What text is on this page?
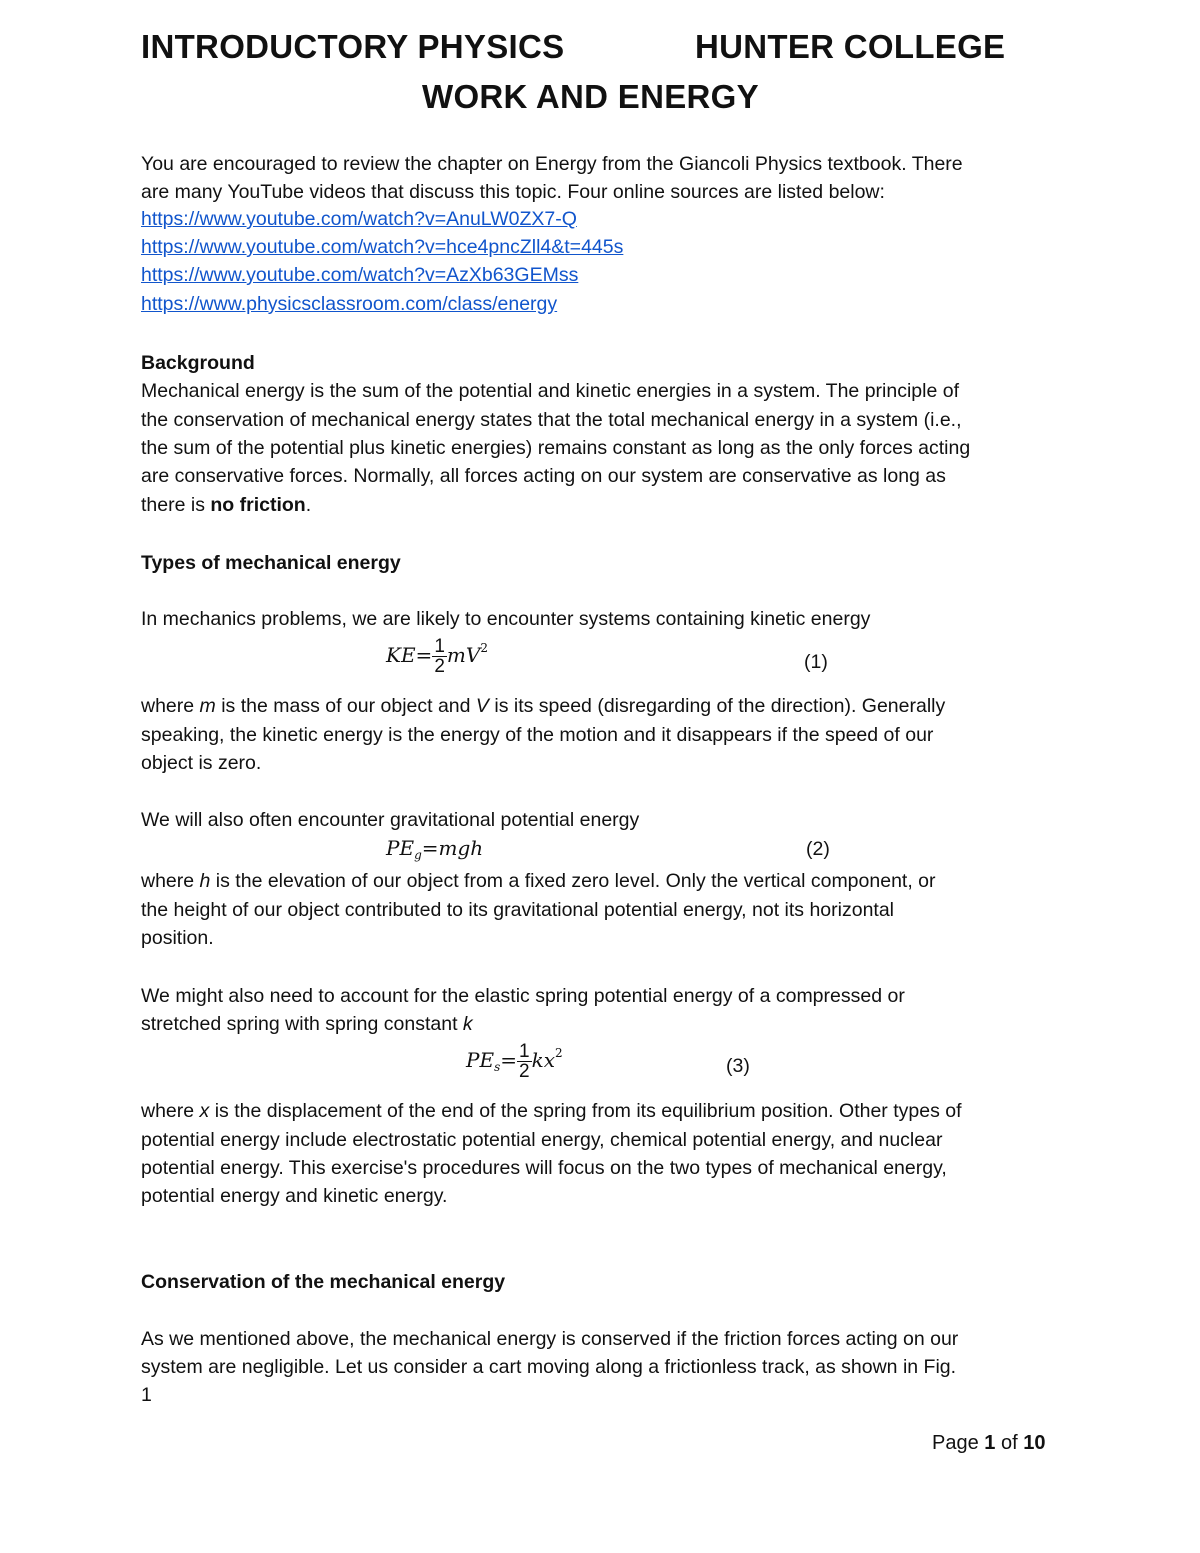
INTRODUCTORY PHYSICS	HUNTER COLLEGE
WORK AND ENERGY
You are encouraged to review the chapter on Energy from the Giancoli Physics textbook. There
are many YouTube videos that discuss this topic. Four online sources are listed below:
https://www.youtube.com/watch?v=AnuLW0ZX7-Q
https://www.youtube.com/watch?v=hce4pncZll4&t=445s
https://www.youtube.com/watch?v=AzXb63GEMss
https://www.physicsclassroom.com/class/energy
Background
Mechanical energy is the sum of the potential and kinetic energies in a system. The principle of
the conservation of mechanical energy states that the total mechanical energy in a system (i.e.,
the sum of the potential plus kinetic energies) remains constant as long as the only forces acting
are conservative forces. Normally, all forces acting on our system are conservative as long as
there is no friction.
Types of mechanical energy
In mechanics problems, we are likely to encounter systems containing kinetic energy
$KE= \frac{1}{2} mV^2$
(1)
where m is the mass of our object and V is its speed (disregarding of the direction). Generally
speaking, the kinetic energy is the energy of the motion and it disappears if the speed of our
object is zero.
We will also often encounter gravitational potential energy
$PE_g=mgh$	(2)
where h is the elevation of our object from a fixed zero level. Only the vertical component, or
the height of our object contributed to its gravitational potential energy, not its horizontal
position.
We might also need to account for the elastic spring potential energy of a compressed or
stretched spring with spring constant k
$PE_s= \frac{1}{2} kx^2$
(3)
where x is the displacement of the end of the spring from its equilibrium position. Other types of
potential energy include electrostatic potential energy, chemical potential energy, and nuclear
potential energy. This exercise's procedures will focus on the two types of mechanical energy,
potential energy and kinetic energy.
Conservation of the mechanical energy
As we mentioned above, the mechanical energy is conserved if the friction forces acting on our
system are negligible. Let us consider a cart moving along a frictionless track, as shown in Fig.
1
Page 1 of 10
